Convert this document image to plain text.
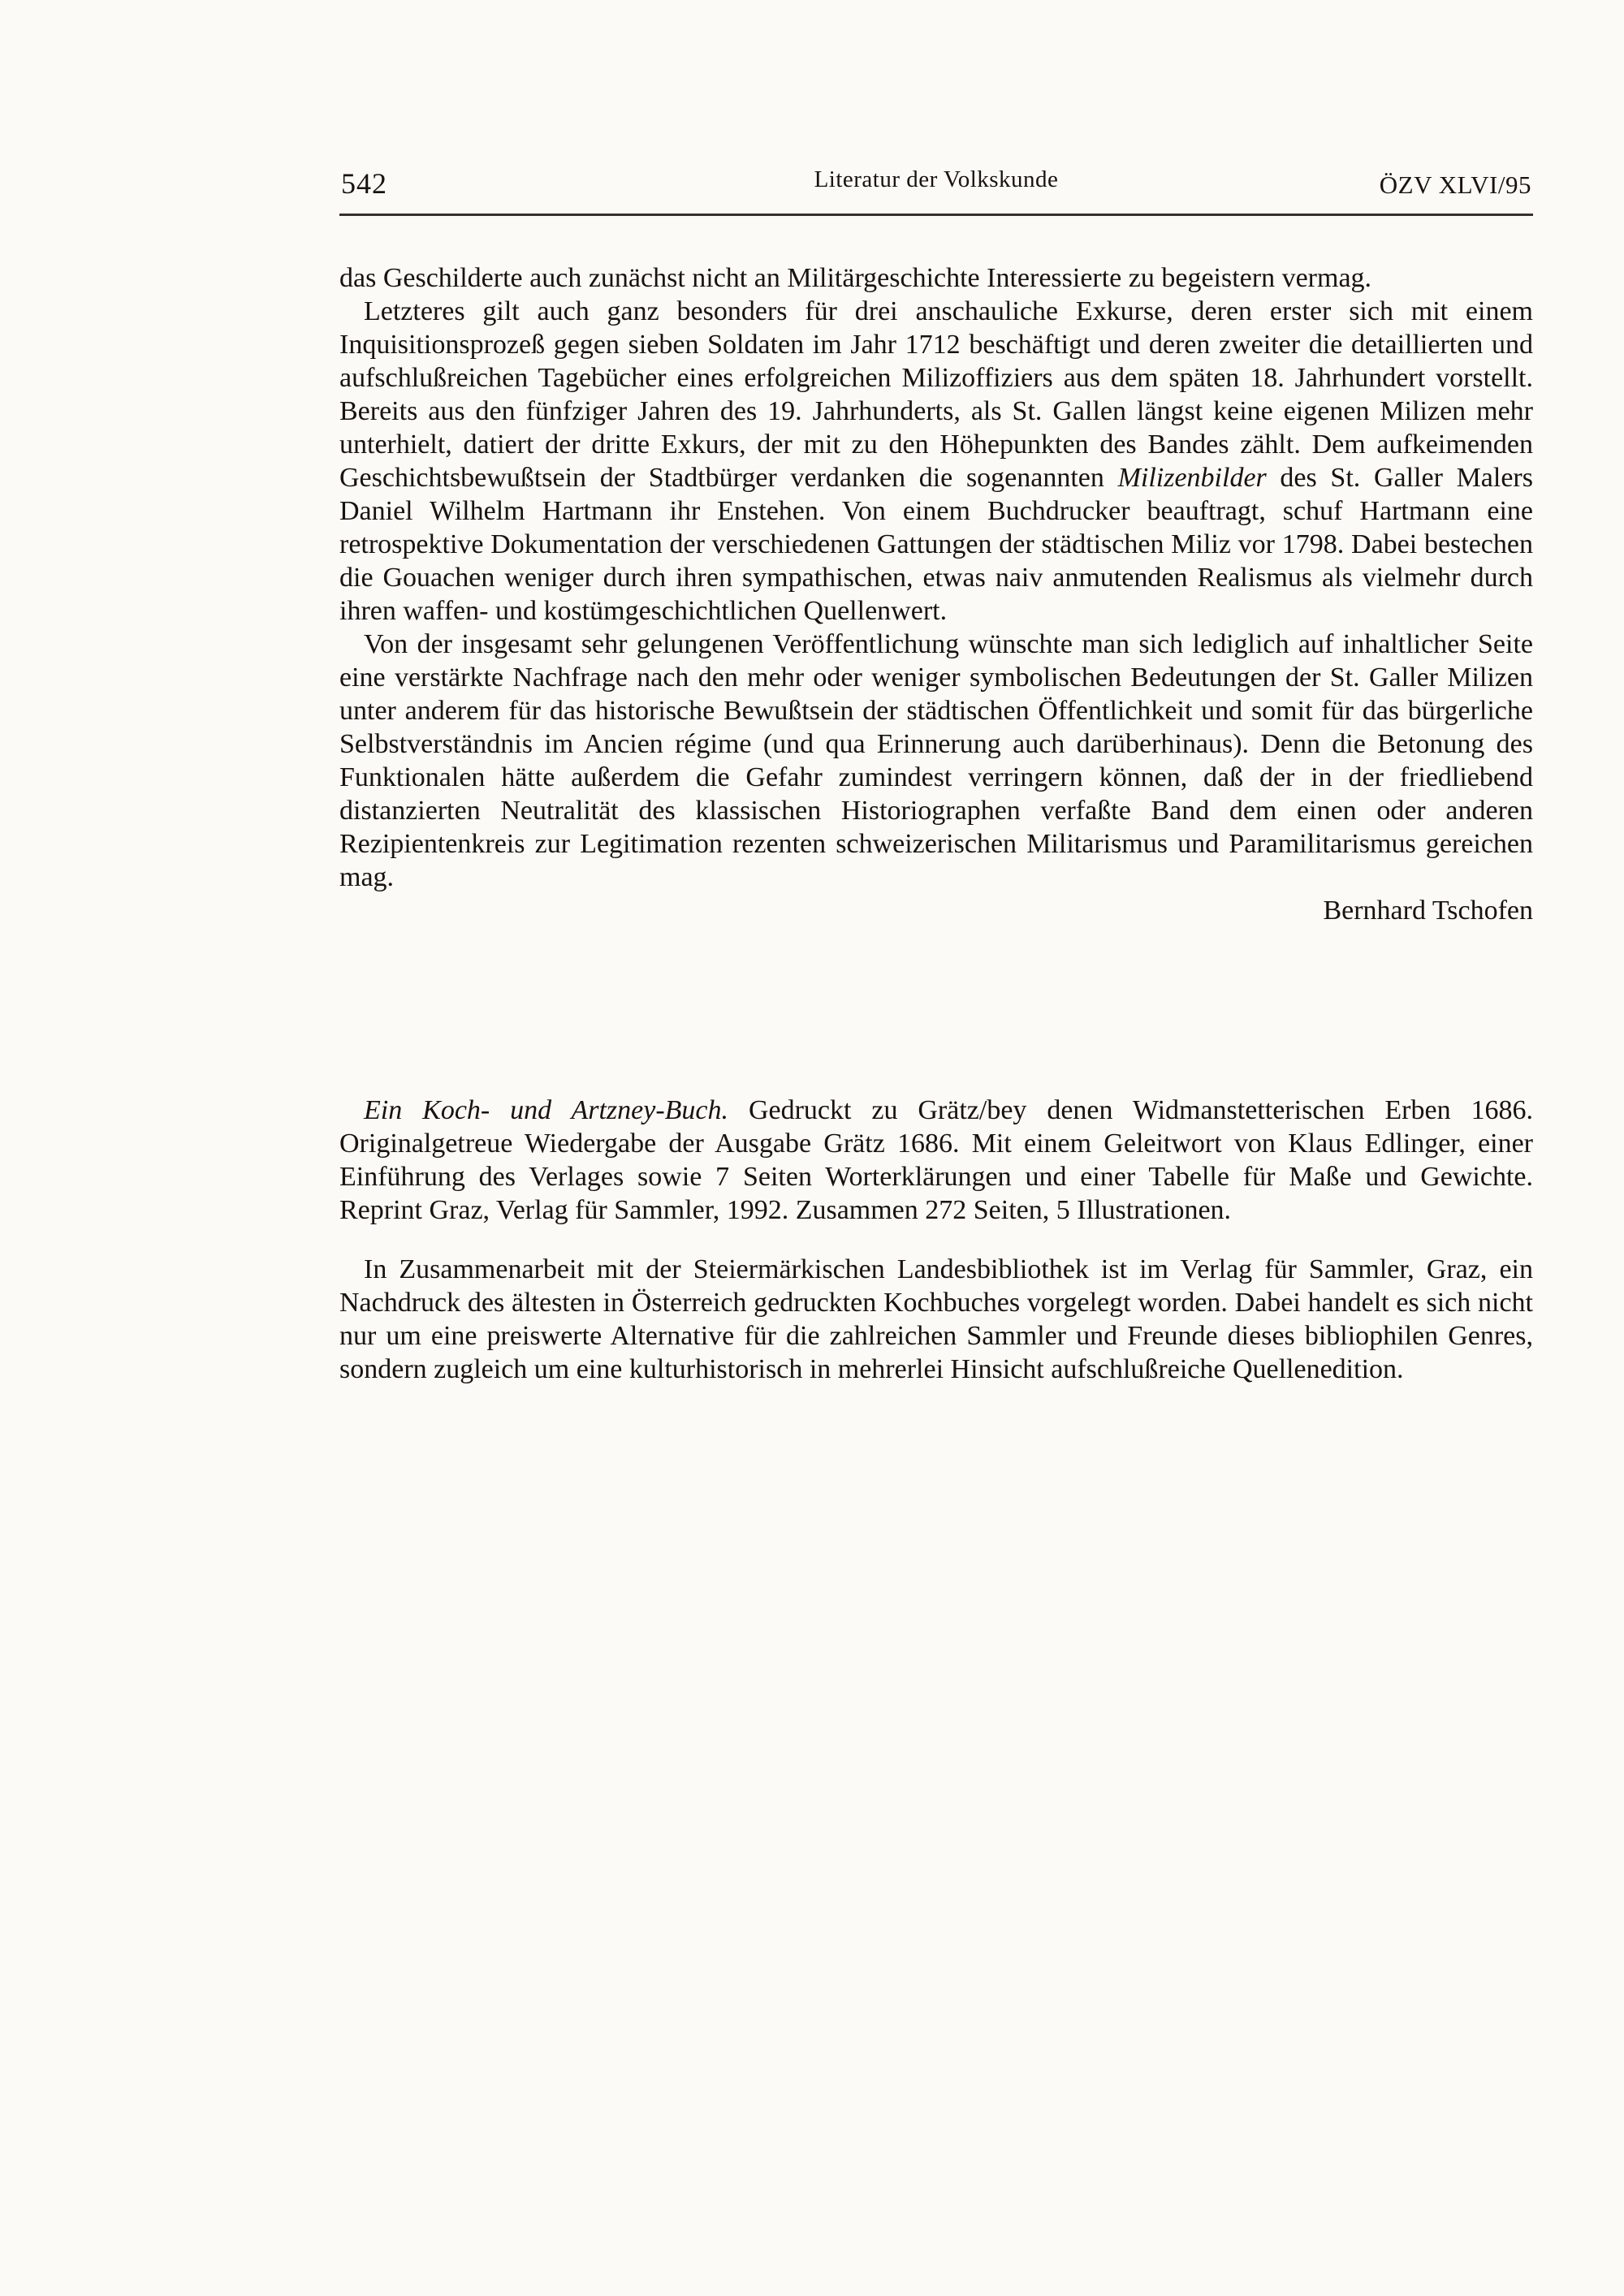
542	Literatur der Volkskunde	ÖZV XLVI/95

das Geschilderte auch zunächst nicht an Militärgeschichte Interessierte zu begeistern vermag.

Letzteres gilt auch ganz besonders für drei anschauliche Exkurse, deren erster sich mit einem Inquisitionsprozeß gegen sieben Soldaten im Jahr 1712 beschäftigt und deren zweiter die detaillierten und aufschlußreichen Tagebücher eines erfolgreichen Milizoffiziers aus dem späten 18. Jahrhundert vorstellt. Bereits aus den fünfziger Jahren des 19. Jahrhunderts, als St. Gallen längst keine eigenen Milizen mehr unterhielt, datiert der dritte Exkurs, der mit zu den Höhepunkten des Bandes zählt. Dem aufkeimenden Geschichtsbewußtsein der Stadtbürger verdanken die sogenannten Milizenbilder des St. Galler Malers Daniel Wilhelm Hartmann ihr Enstehen. Von einem Buchdrucker beauftragt, schuf Hartmann eine retrospektive Dokumentation der verschiedenen Gattungen der städtischen Miliz vor 1798. Dabei bestechen die Gouachen weniger durch ihren sympathischen, etwas naiv anmutenden Realismus als vielmehr durch ihren waffen- und kostümgeschichtlichen Quellenwert.

Von der insgesamt sehr gelungenen Veröffentlichung wünschte man sich lediglich auf inhaltlicher Seite eine verstärkte Nachfrage nach den mehr oder weniger symbolischen Bedeutungen der St. Galler Milizen unter anderem für das historische Bewußtsein der städtischen Öffentlichkeit und somit für das bürgerliche Selbstverständnis im Ancien régime (und qua Erinnerung auch darüberhinaus). Denn die Betonung des Funktionalen hätte außerdem die Gefahr zumindest verringern können, daß der in der friedliebend distanzierten Neutralität des klassischen Historiographen verfaßte Band dem einen oder anderen Rezipientenkreis zur Legitimation rezenten schweizerischen Militarismus und Paramilitarismus gereichen mag.

Bernhard Tschofen

Ein Koch- und Artzney-Buch. Gedruckt zu Grätz/bey denen Widmanstetterischen Erben 1686. Originalgetreue Wiedergabe der Ausgabe Grätz 1686. Mit einem Geleitwort von Klaus Edlinger, einer Einführung des Verlages sowie 7 Seiten Worterklärungen und einer Tabelle für Maße und Gewichte. Reprint Graz, Verlag für Sammler, 1992. Zusammen 272 Seiten, 5 Illustrationen.

In Zusammenarbeit mit der Steiermärkischen Landesbibliothek ist im Verlag für Sammler, Graz, ein Nachdruck des ältesten in Österreich gedruckten Kochbuches vorgelegt worden. Dabei handelt es sich nicht nur um eine preiswerte Alternative für die zahlreichen Sammler und Freunde dieses bibliophilen Genres, sondern zugleich um eine kulturhistorisch in mehrerlei Hinsicht aufschlußreiche Quellenedition.
